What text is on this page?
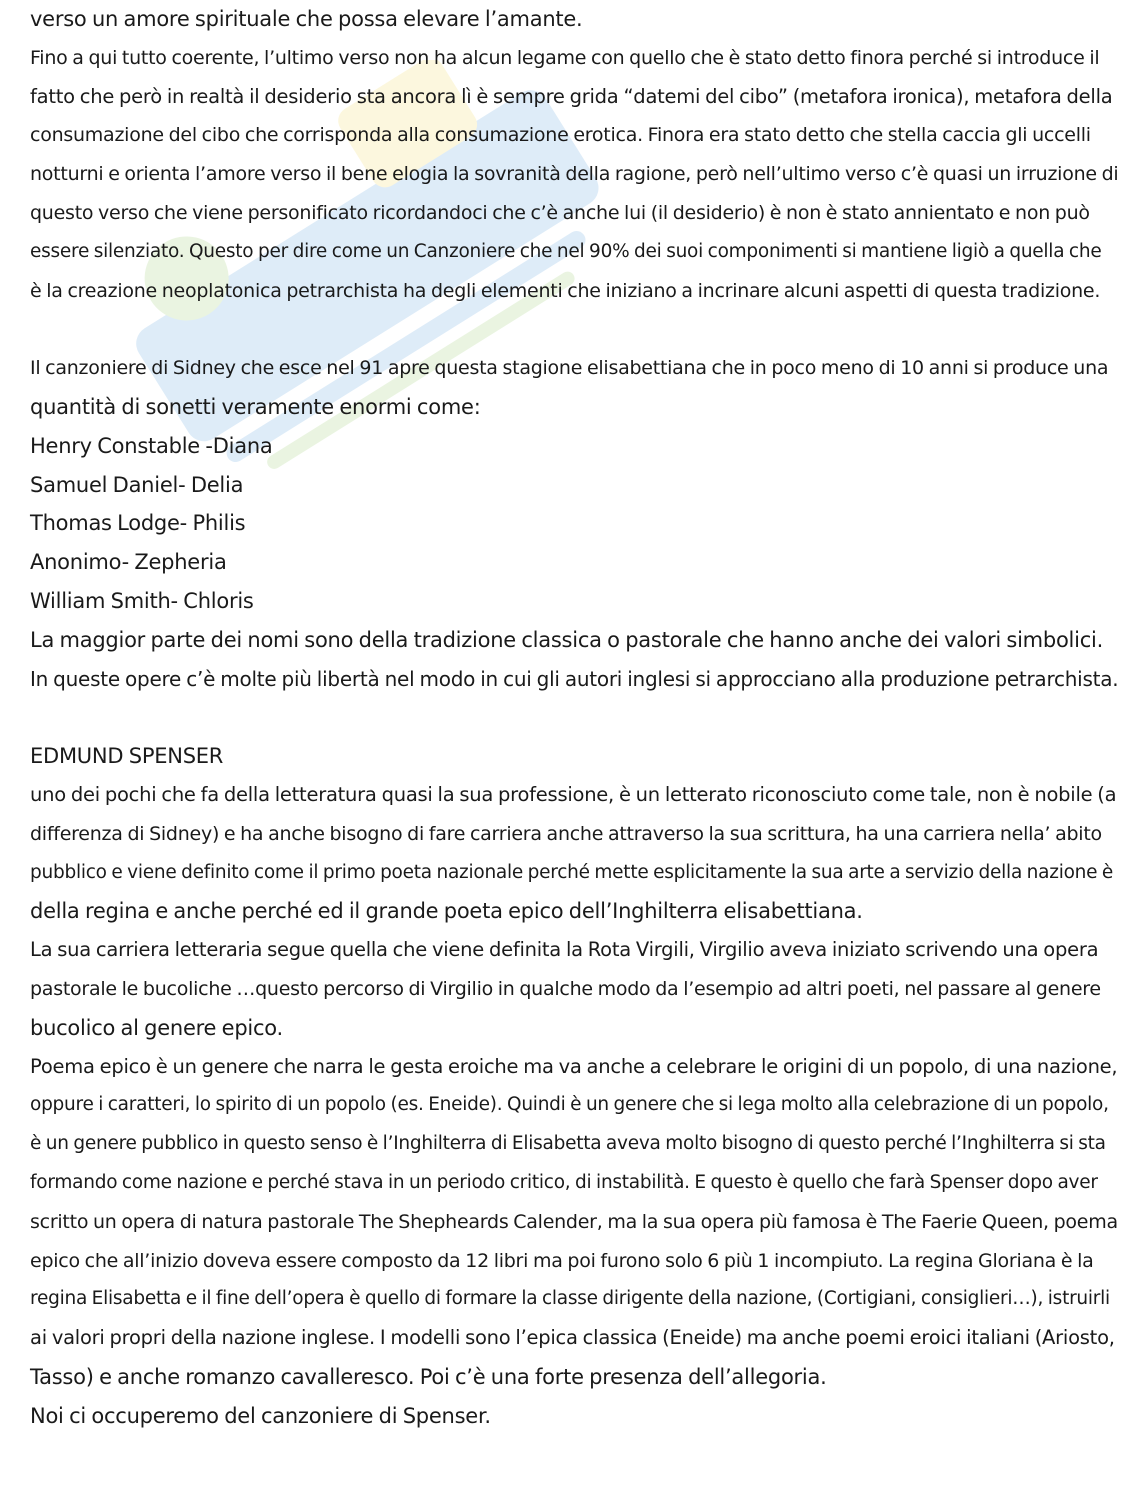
verso un amore spirituale che possa elevare l’amante.
Fino a qui tutto coerente, l’ultimo verso non ha alcun legame con quello che è stato detto finora perché si introduce il
fatto che però in realtà il desiderio sta ancora lì è sempre grida “datemi del cibo” (metafora ironica), metafora della
consumazione del cibo che corrisponda alla consumazione erotica. Finora era stato detto che stella caccia gli uccelli
notturni e orienta l’amore verso il bene elogia la sovranità della ragione, però nell’ultimo verso c’è quasi un irruzione di
questo verso che viene personificato ricordandoci che c’è anche lui (il desiderio) è non è stato annientato e non può
essere silenziato. Questo per dire come un Canzoniere che nel 90% dei suoi componimenti si mantiene ligiò a quella che
è la creazione neoplatonica petrarchista ha degli elementi che iniziano a incrinare alcuni aspetti di questa tradizione.
Il canzoniere di Sidney che esce nel 91 apre questa stagione elisabettiana che in poco meno di 10 anni si produce una
quantità di sonetti veramente enormi come:
Henry Constable -Diana
Samuel Daniel- Delia
Thomas Lodge- Philis
Anonimo- Zepheria
William Smith- Chloris
La maggior parte dei nomi sono della tradizione classica o pastorale che hanno anche dei valori simbolici.
In queste opere c’è molte più libertà nel modo in cui gli autori inglesi si approcciano alla produzione petrarchista.
EDMUND SPENSER
uno dei pochi che fa della letteratura quasi la sua professione, è un letterato riconosciuto come tale, non è nobile (a
differenza di Sidney) e ha anche bisogno di fare carriera anche attraverso la sua scrittura, ha una carriera nella’ abito
pubblico e viene definito come il primo poeta nazionale perché mette esplicitamente la sua arte a servizio della nazione è
della regina e anche perché ed il grande poeta epico dell’Inghilterra elisabettiana.
La sua carriera letteraria segue quella che viene definita la Rota Virgili, Virgilio aveva iniziato scrivendo una opera
pastorale le bucoliche …questo percorso di Virgilio in qualche modo da l’esempio ad altri poeti, nel passare al genere
bucolico al genere epico.
Poema epico è un genere che narra le gesta eroiche ma va anche a celebrare le origini di un popolo, di una nazione,
oppure i caratteri, lo spirito di un popolo (es. Eneide). Quindi è un genere che si lega molto alla celebrazione di un popolo,
è un genere pubblico in questo senso è l’Inghilterra di Elisabetta aveva molto bisogno di questo perché l’Inghilterra si sta
formando come nazione e perché stava in un periodo critico, di instabilità. E questo è quello che farà Spenser dopo aver
scritto un opera di natura pastorale The Shepheards Calender, ma la sua opera più famosa è The Faerie Queen, poema
epico che all’inizio doveva essere composto da 12 libri ma poi furono solo 6 più 1 incompiuto. La regina Gloriana è la
regina Elisabetta e il fine dell’opera è quello di formare la classe dirigente della nazione, (Cortigiani, consiglieri…), istruirli
ai valori propri della nazione inglese. I modelli sono l’epica classica (Eneide) ma anche poemi eroici italiani (Ariosto,
Tasso) e anche romanzo cavalleresco. Poi c’è una forte presenza dell’allegoria.
Noi ci occuperemo del canzoniere di Spenser.
